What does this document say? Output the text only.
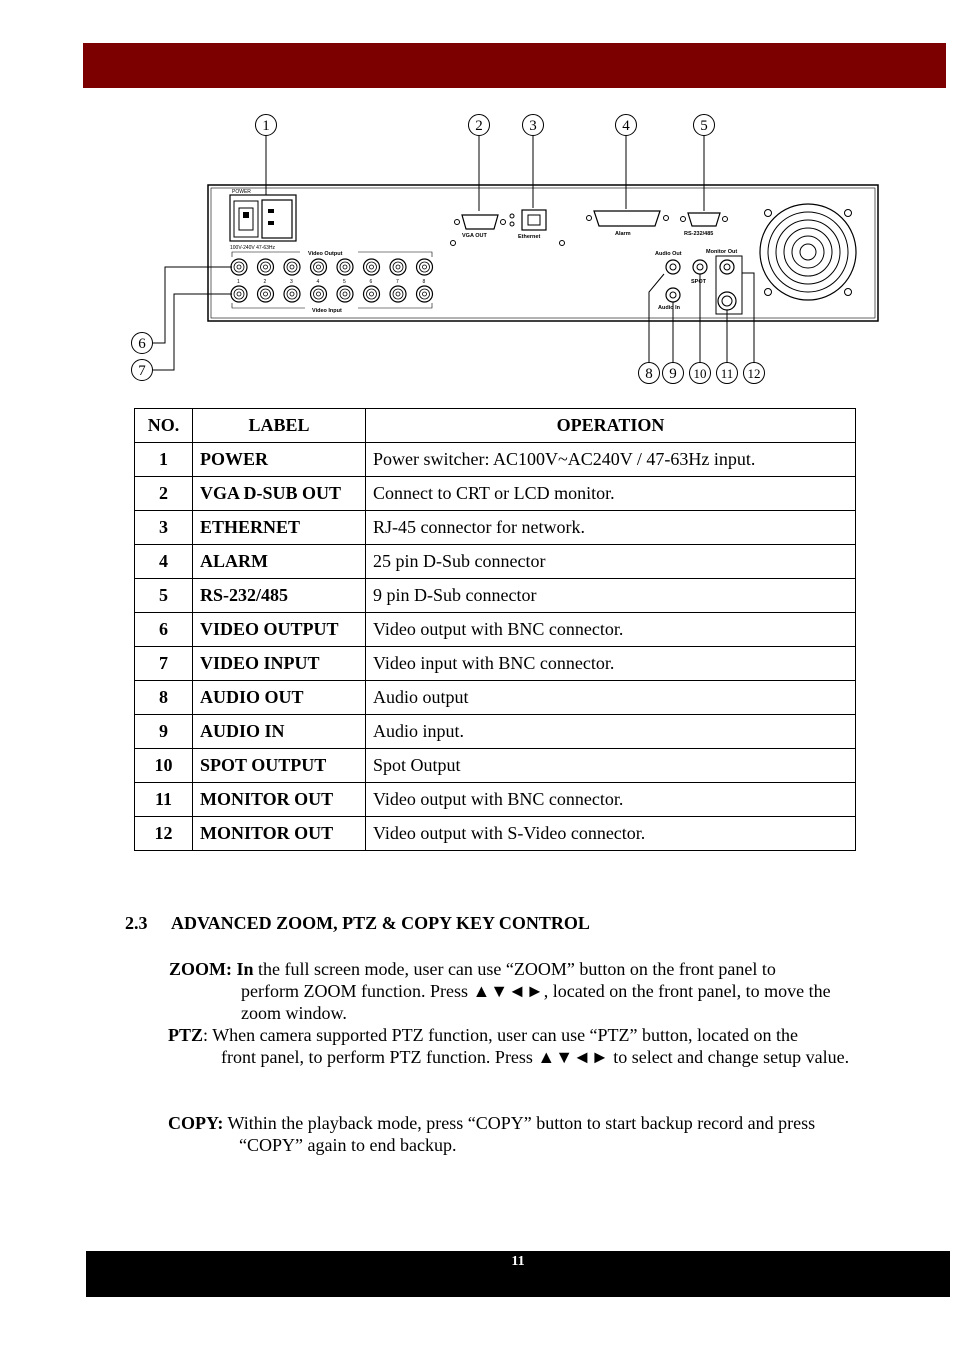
POWER
100V-240V 47-63Hz
Video Output
Video Input
1	2	3	4	5	6	7	8
VGA OUT	Ethernet	Alarm	RS-232/485
Audio Out	Monitor Out
SPOT
Audio In
1	2	3	4	5
6
7	8 9 10 11 12
NO.	LABEL	OPERATION
1	POWER	Power switcher: AC100V~AC240V / 47-63Hz input.
2	VGA D-SUB OUT	Connect to CRT or LCD monitor.
3	ETHERNET	RJ-45 connector for network.
4	ALARM	25 pin D-Sub connector
5	RS-232/485	9 pin D-Sub connector
6	VIDEO OUTPUT	Video output with BNC connector.
7	VIDEO INPUT	Video input with BNC connector.
8	AUDIO OUT	Audio output
9	AUDIO IN	Audio input.
10	SPOT OUTPUT	Spot Output
11	MONITOR OUT	Video output with BNC connector.
12	MONITOR OUT	Video output with S-Video connector.
2.3 ADVANCED ZOOM, PTZ & COPY KEY CONTROL
ZOOM: In the full screen mode, user can use “ZOOM” button on the front panel to
perform ZOOM function. Press ▲▼◄►, located on the front panel, to move the zoom window.
PTZ: When camera supported PTZ function, user can use “PTZ” button, located on the
front panel, to perform PTZ function. Press ▲▼◄► to select and change setup value.
COPY: Within the playback mode, press “COPY” button to start backup record and press
“COPY” again to end backup.
11
